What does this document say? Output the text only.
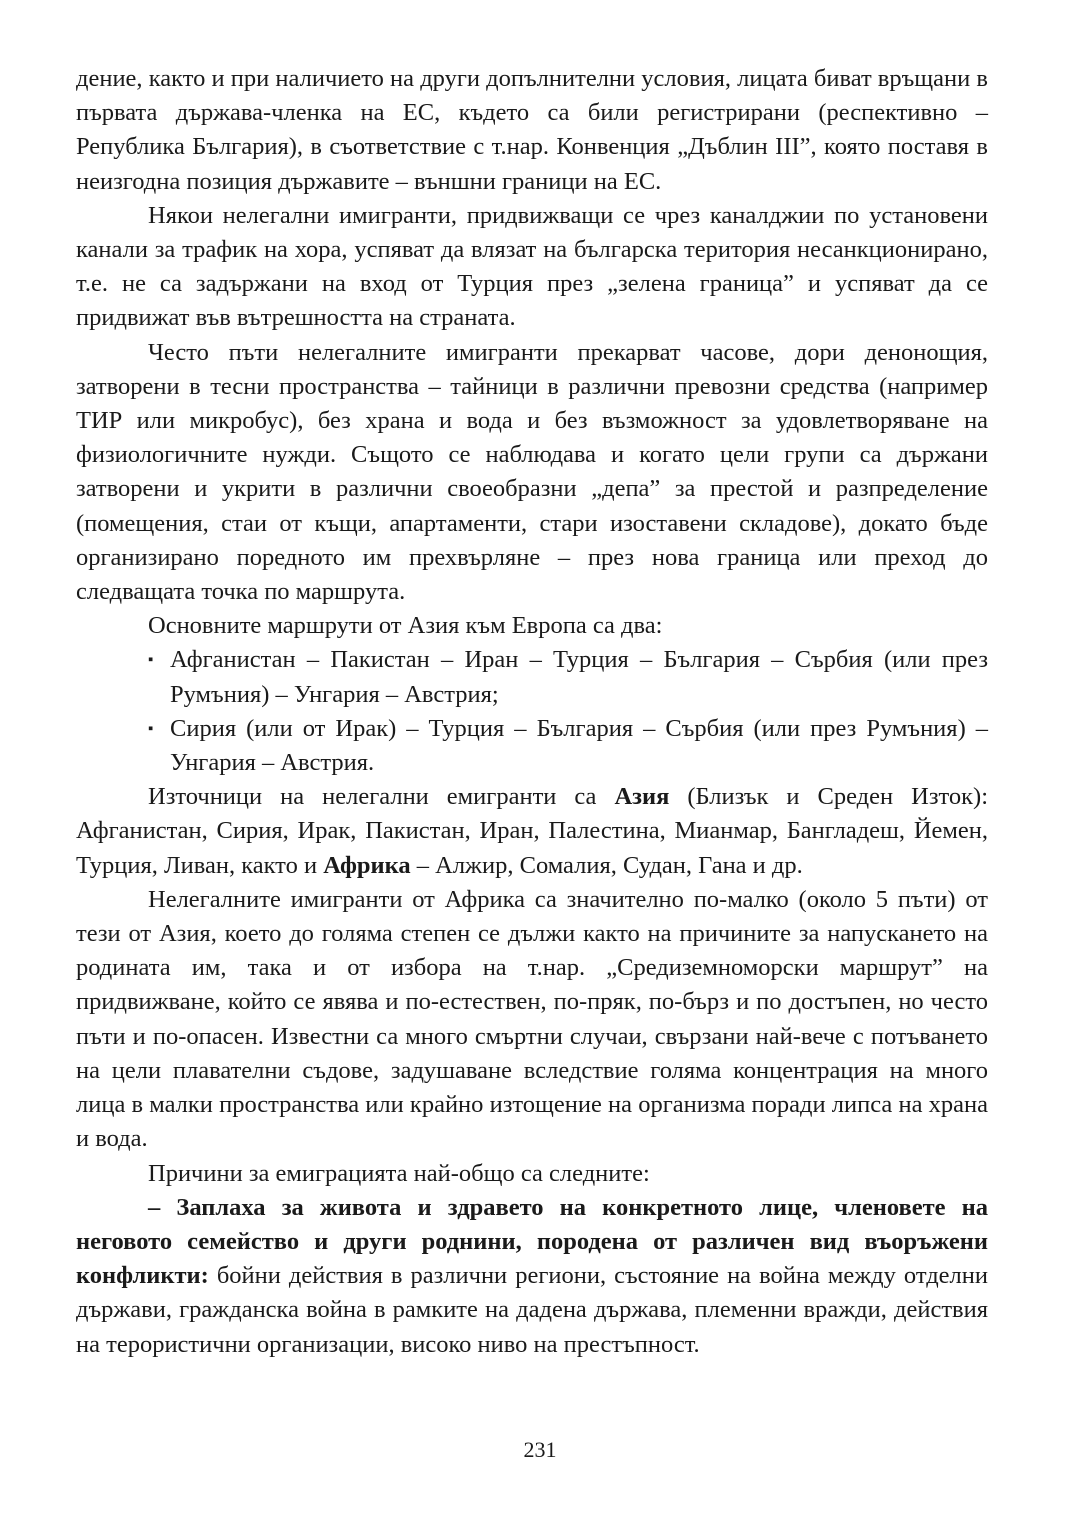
дение, както и при наличието на други допълнителни условия, лицата биват връщани в първата държава-членка на ЕС, където са били регистрирани (респективно – Република България), в съответствие с т.нар. Конвенция „Дъблин III”, която поставя в неизгодна позиция държавите – външни граници на ЕС.

Някои нелегални имигранти, придвижващи се чрез каналджии по установени канали за трафик на хора, успяват да влязат на българска територия несанкционирано, т.е. не са задържани на вход от Турция през „зелена граница” и успяват да се придвижат във вътрешността на страната.

Често пъти нелегалните имигранти прекарват часове, дори денонощия, затворени в тесни пространства – тайници в различни превозни средства (например ТИР или микробус), без храна и вода и без възможност за удовлетворяване на физиологичните нужди. Същото се наблюдава и когато цели групи са държани затворени и укрити в различни своеобразни „депа” за престой и разпределение (помещения, стаи от къщи, апартаменти, стари изоставени складове), докато бъде организирано поредното им прехвърляне – през нова граница или преход до следващата точка по маршрута.

Основните маршрути от Азия към Европа са два:

▪ Афганистан – Пакистан – Иран – Турция – България – Сърбия (или през Румъния) – Унгария – Австрия;
▪ Сирия (или от Ирак) – Турция – България – Сърбия (или през Румъния) – Унгария – Австрия.

Източници на нелегални емигранти са Азия (Близък и Среден Изток): Афганистан, Сирия, Ирак, Пакистан, Иран, Палестина, Мианмар, Бангладеш, Йемен, Турция, Ливан, както и Африка – Алжир, Сомалия, Судан, Гана и др.

Нелегалните имигранти от Африка са значително по-малко (около 5 пъти) от тези от Азия, което до голяма степен се дължи както на причините за напускането на родината им, така и от избора на т.нар. „Средиземноморски маршрут” на придвижване, който се явява и по-естествен, по-пряк, по-бърз и по достъпен, но често пъти и по-опасен. Известни са много смъртни случаи, свързани най-вече с потъването на цели плавателни съдове, задушаване вследствие голяма концентрация на много лица в малки пространства или крайно изтощение на организма поради липса на храна и вода.

Причини за емиграцията най-общо са следните:

– Заплаха за живота и здравето на конкретното лице, членовете на неговото семейство и други роднини, породена от различен вид въоръжени конфликти: бойни действия в различни региони, състояние на война между отделни държави, гражданска война в рамките на дадена държава, племенни вражди, действия на терористични организации, високо ниво на престъпност.

231
